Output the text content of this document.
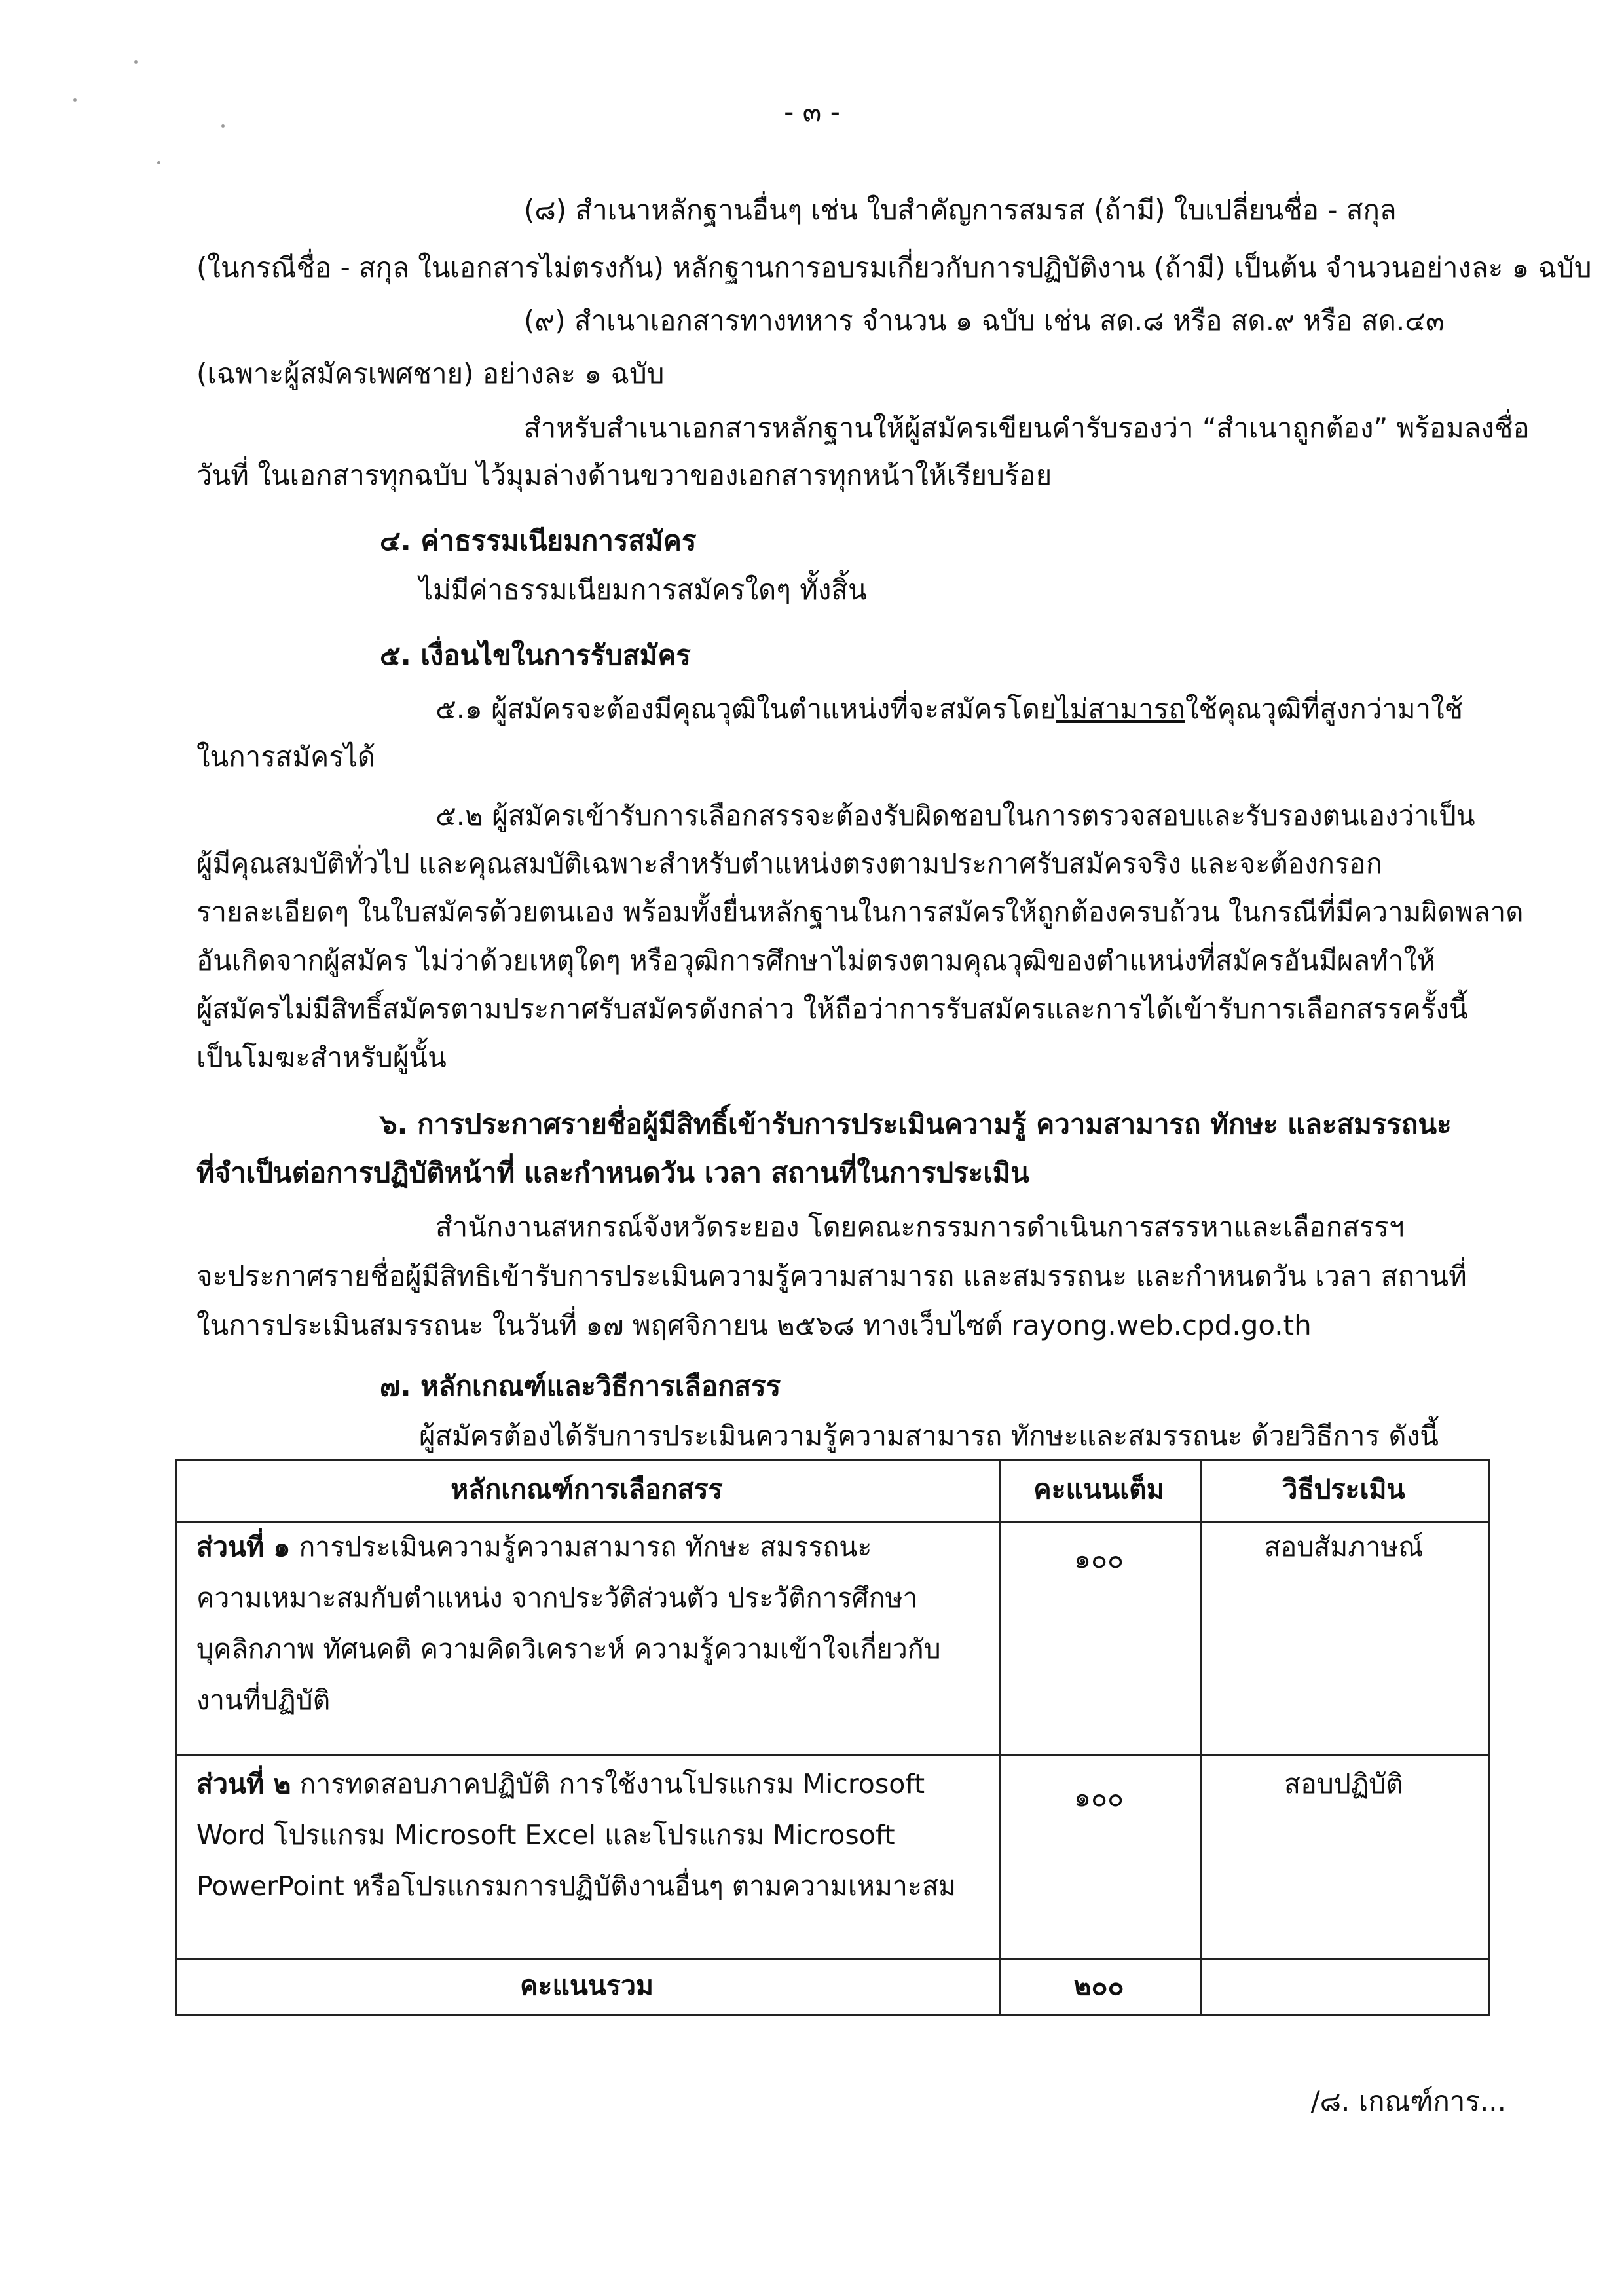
- ๓ -
(๘) สำเนาหลักฐานอื่นๆ เช่น ใบสำคัญการสมรส (ถ้ามี) ใบเปลี่ยนชื่อ - สกุล
(ในกรณีชื่อ - สกุล ในเอกสารไม่ตรงกัน) หลักฐานการอบรมเกี่ยวกับการปฏิบัติงาน (ถ้ามี) เป็นต้น จำนวนอย่างละ ๑ ฉบับ
(๙) สำเนาเอกสารทางทหาร จำนวน ๑ ฉบับ เช่น สด.๘ หรือ สด.๙ หรือ สด.๔๓
(เฉพาะผู้สมัครเพศชาย) อย่างละ ๑ ฉบับ
สำหรับสำเนาเอกสารหลักฐานให้ผู้สมัครเขียนคำรับรองว่า “สำเนาถูกต้อง” พร้อมลงชื่อ
วันที่ ในเอกสารทุกฉบับ ไว้มุมล่างด้านขวาของเอกสารทุกหน้าให้เรียบร้อย
๔. ค่าธรรมเนียมการสมัคร
ไม่มีค่าธรรมเนียมการสมัครใดๆ ทั้งสิ้น
๕. เงื่อนไขในการรับสมัคร
๕.๑ ผู้สมัครจะต้องมีคุณวุฒิในตำแหน่งที่จะสมัครโดยไม่สามารถใช้คุณวุฒิที่สูงกว่ามาใช้
ในการสมัครได้
๕.๒ ผู้สมัครเข้ารับการเลือกสรรจะต้องรับผิดชอบในการตรวจสอบและรับรองตนเองว่าเป็น
ผู้มีคุณสมบัติทั่วไป และคุณสมบัติเฉพาะสำหรับตำแหน่งตรงตามประกาศรับสมัครจริง และจะต้องกรอก
รายละเอียดๆ ในใบสมัครด้วยตนเอง พร้อมทั้งยื่นหลักฐานในการสมัครให้ถูกต้องครบถ้วน ในกรณีที่มีความผิดพลาด
อันเกิดจากผู้สมัคร ไม่ว่าด้วยเหตุใดๆ หรือวุฒิการศึกษาไม่ตรงตามคุณวุฒิของตำแหน่งที่สมัครอันมีผลทำให้
ผู้สมัครไม่มีสิทธิ์สมัครตามประกาศรับสมัครดังกล่าว ให้ถือว่าการรับสมัครและการได้เข้ารับการเลือกสรรครั้งนี้
เป็นโมฆะสำหรับผู้นั้น
๖. การประกาศรายชื่อผู้มีสิทธิ์เข้ารับการประเมินความรู้ ความสามารถ ทักษะ และสมรรถนะ
ที่จำเป็นต่อการปฏิบัติหน้าที่ และกำหนดวัน เวลา สถานที่ในการประเมิน
สำนักงานสหกรณ์จังหวัดระยอง โดยคณะกรรมการดำเนินการสรรหาและเลือกสรรฯ
จะประกาศรายชื่อผู้มีสิทธิเข้ารับการประเมินความรู้ความสามารถ และสมรรถนะ และกำหนดวัน เวลา สถานที่
ในการประเมินสมรรถนะ ในวันที่ ๑๗ พฤศจิกายน ๒๕๖๘ ทางเว็บไซต์ rayong.web.cpd.go.th
๗. หลักเกณฑ์และวิธีการเลือกสรร
ผู้สมัครต้องได้รับการประเมินความรู้ความสามารถ ทักษะและสมรรถนะ ด้วยวิธีการ ดังนี้
หลักเกณฑ์การเลือกสรร	คะแนนเต็ม	วิธีประเมิน
ส่วนที่ ๑ การประเมินความรู้ความสามารถ ทักษะ สมรรถนะ
ความเหมาะสมกับตำแหน่ง จากประวัติส่วนตัว ประวัติการศึกษา
บุคลิกภาพ ทัศนคติ ความคิดวิเคราะห์ ความรู้ความเข้าใจเกี่ยวกับ
งานที่ปฏิบัติ
๑๐๐	สอบสัมภาษณ์
ส่วนที่ ๒ การทดสอบภาคปฏิบัติ การใช้งานโปรแกรม Microsoft
Word โปรแกรม Microsoft Excel และโปรแกรม Microsoft
PowerPoint หรือโปรแกรมการปฏิบัติงานอื่นๆ ตามความเหมาะสม
๑๐๐	สอบปฏิบัติ
คะแนนรวม	๒๐๐
/๘. เกณฑ์การ...
